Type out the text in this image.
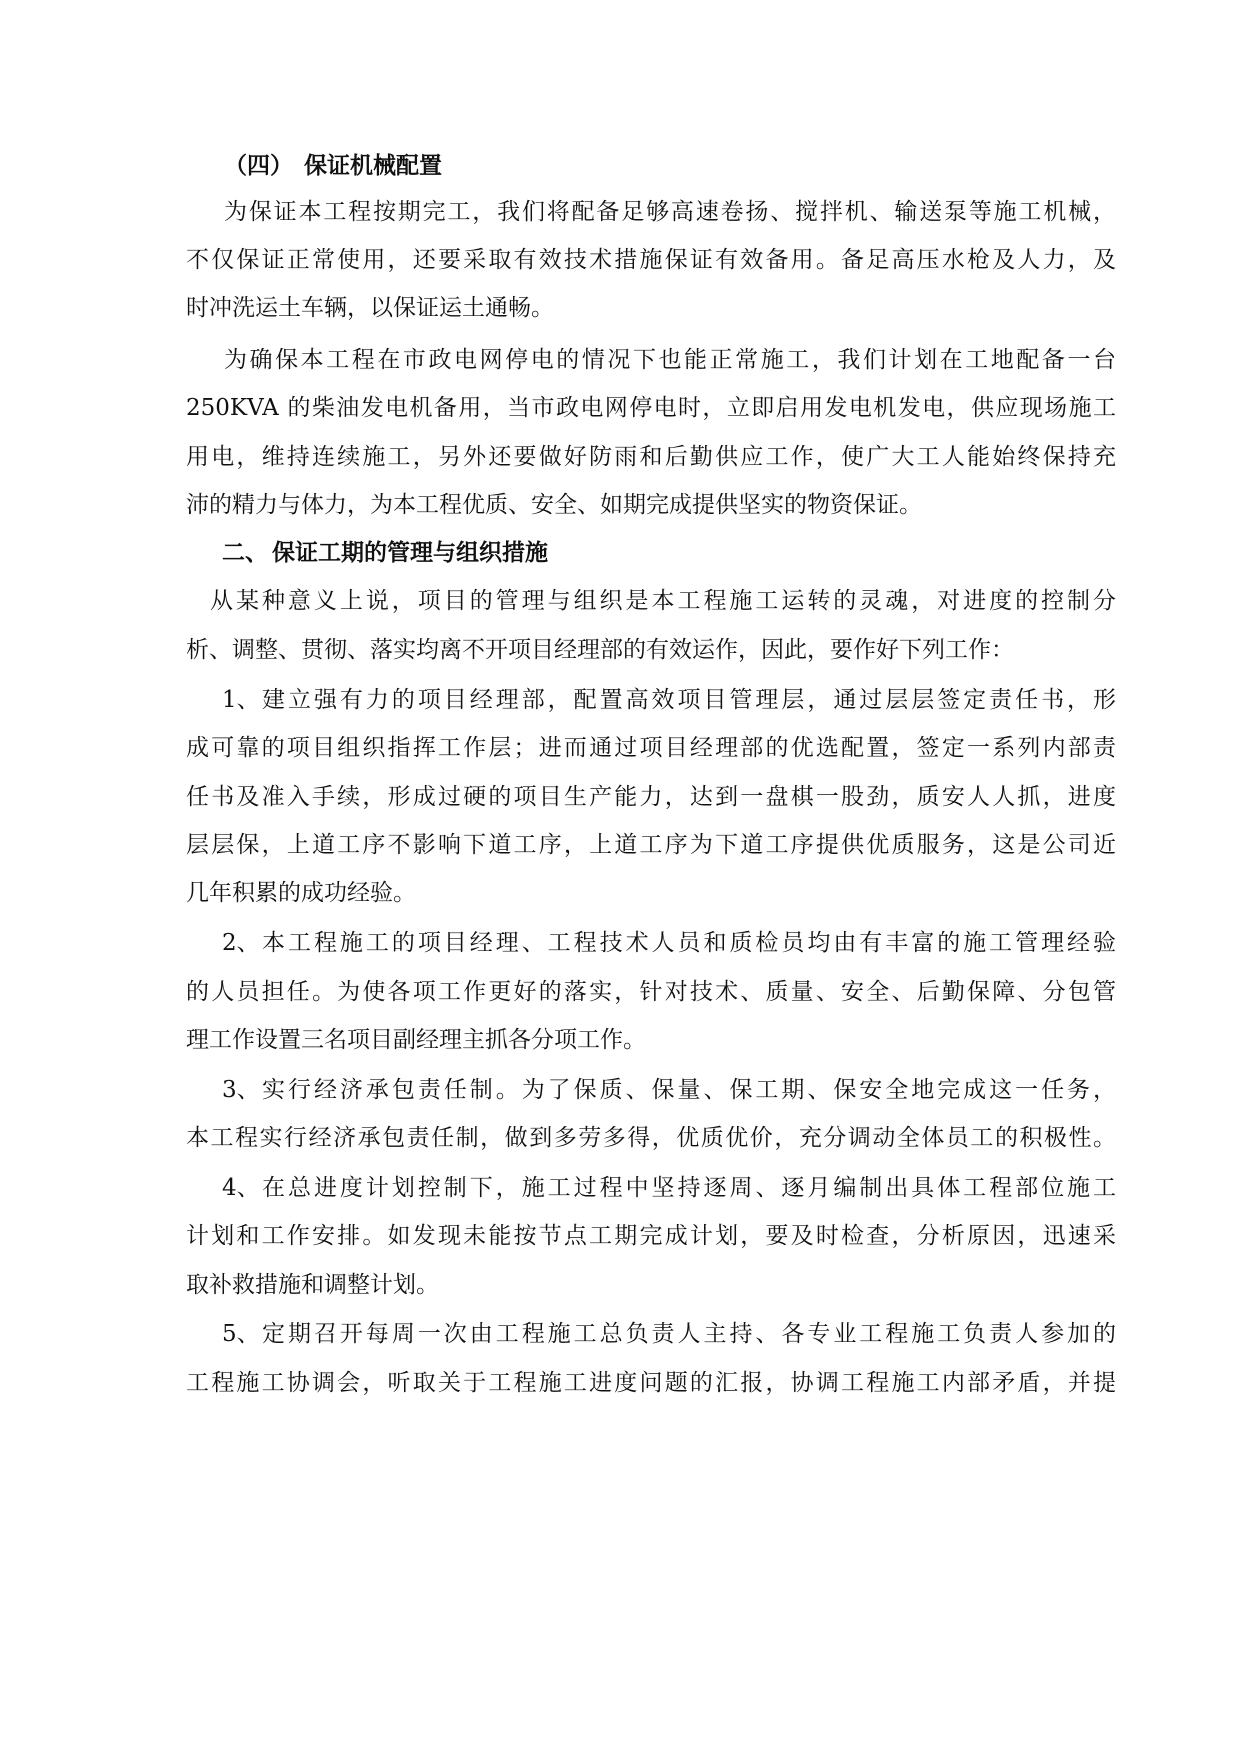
（四） 保证机械配置
为保证本工程按期完工，我们将配备足够高速卷扬、搅拌机、输送泵等施工机械，
不仅保证正常使用，还要采取有效技术措施保证有效备用。备足高压水枪及人力，及
时冲洗运土车辆，以保证运土通畅。
为确保本工程在市政电网停电的情况下也能正常施工，我们计划在工地配备一台
250KVA 的柴油发电机备用，当市政电网停电时，立即启用发电机发电，供应现场施工
用电，维持连续施工，另外还要做好防雨和后勤供应工作，使广大工人能始终保持充
沛的精力与体力，为本工程优质、安全、如期完成提供坚实的物资保证。
二、 保证工期的管理与组织措施
从某种意义上说，项目的管理与组织是本工程施工运转的灵魂，对进度的控制分
析、调整、贯彻、落实均离不开项目经理部的有效运作，因此，要作好下列工作：
1、 建立强有力的项目经理部，配置高效项目管理层，通过层层签定责任书，形
成可靠的项目组织指挥工作层；进而通过项目经理部的优选配置，签定一系列内部责
任书及准入手续，形成过硬的项目生产能力，达到一盘棋一股劲，质安人人抓，进度
层层保，上道工序不影响下道工序，上道工序为下道工序提供优质服务，这是公司近
几年积累的成功经验。
2、 本工程施工的项目经理、工程技术人员和质检员均由有丰富的施工管理经验
的人员担任。为使各项工作更好的落实，针对技术、质量、安全、后勤保障、分包管
理工作设置三名项目副经理主抓各分项工作。
3、 实行经济承包责任制。为了保质、保量、保工期、保安全地完成这一任务，
本工程实行经济承包责任制，做到多劳多得，优质优价，充分调动全体员工的积极性。
4、 在总进度计划控制下，施工过程中坚持逐周、逐月编制出具体工程部位施工
计划和工作安排。如发现未能按节点工期完成计划，要及时检查，分析原因，迅速采
取补救措施和调整计划。
5、 定期召开每周一次由工程施工总负责人主持、各专业工程施工负责人参加的
工程施工协调会，听取关于工程施工进度问题的汇报，协调工程施工内部矛盾，并提
